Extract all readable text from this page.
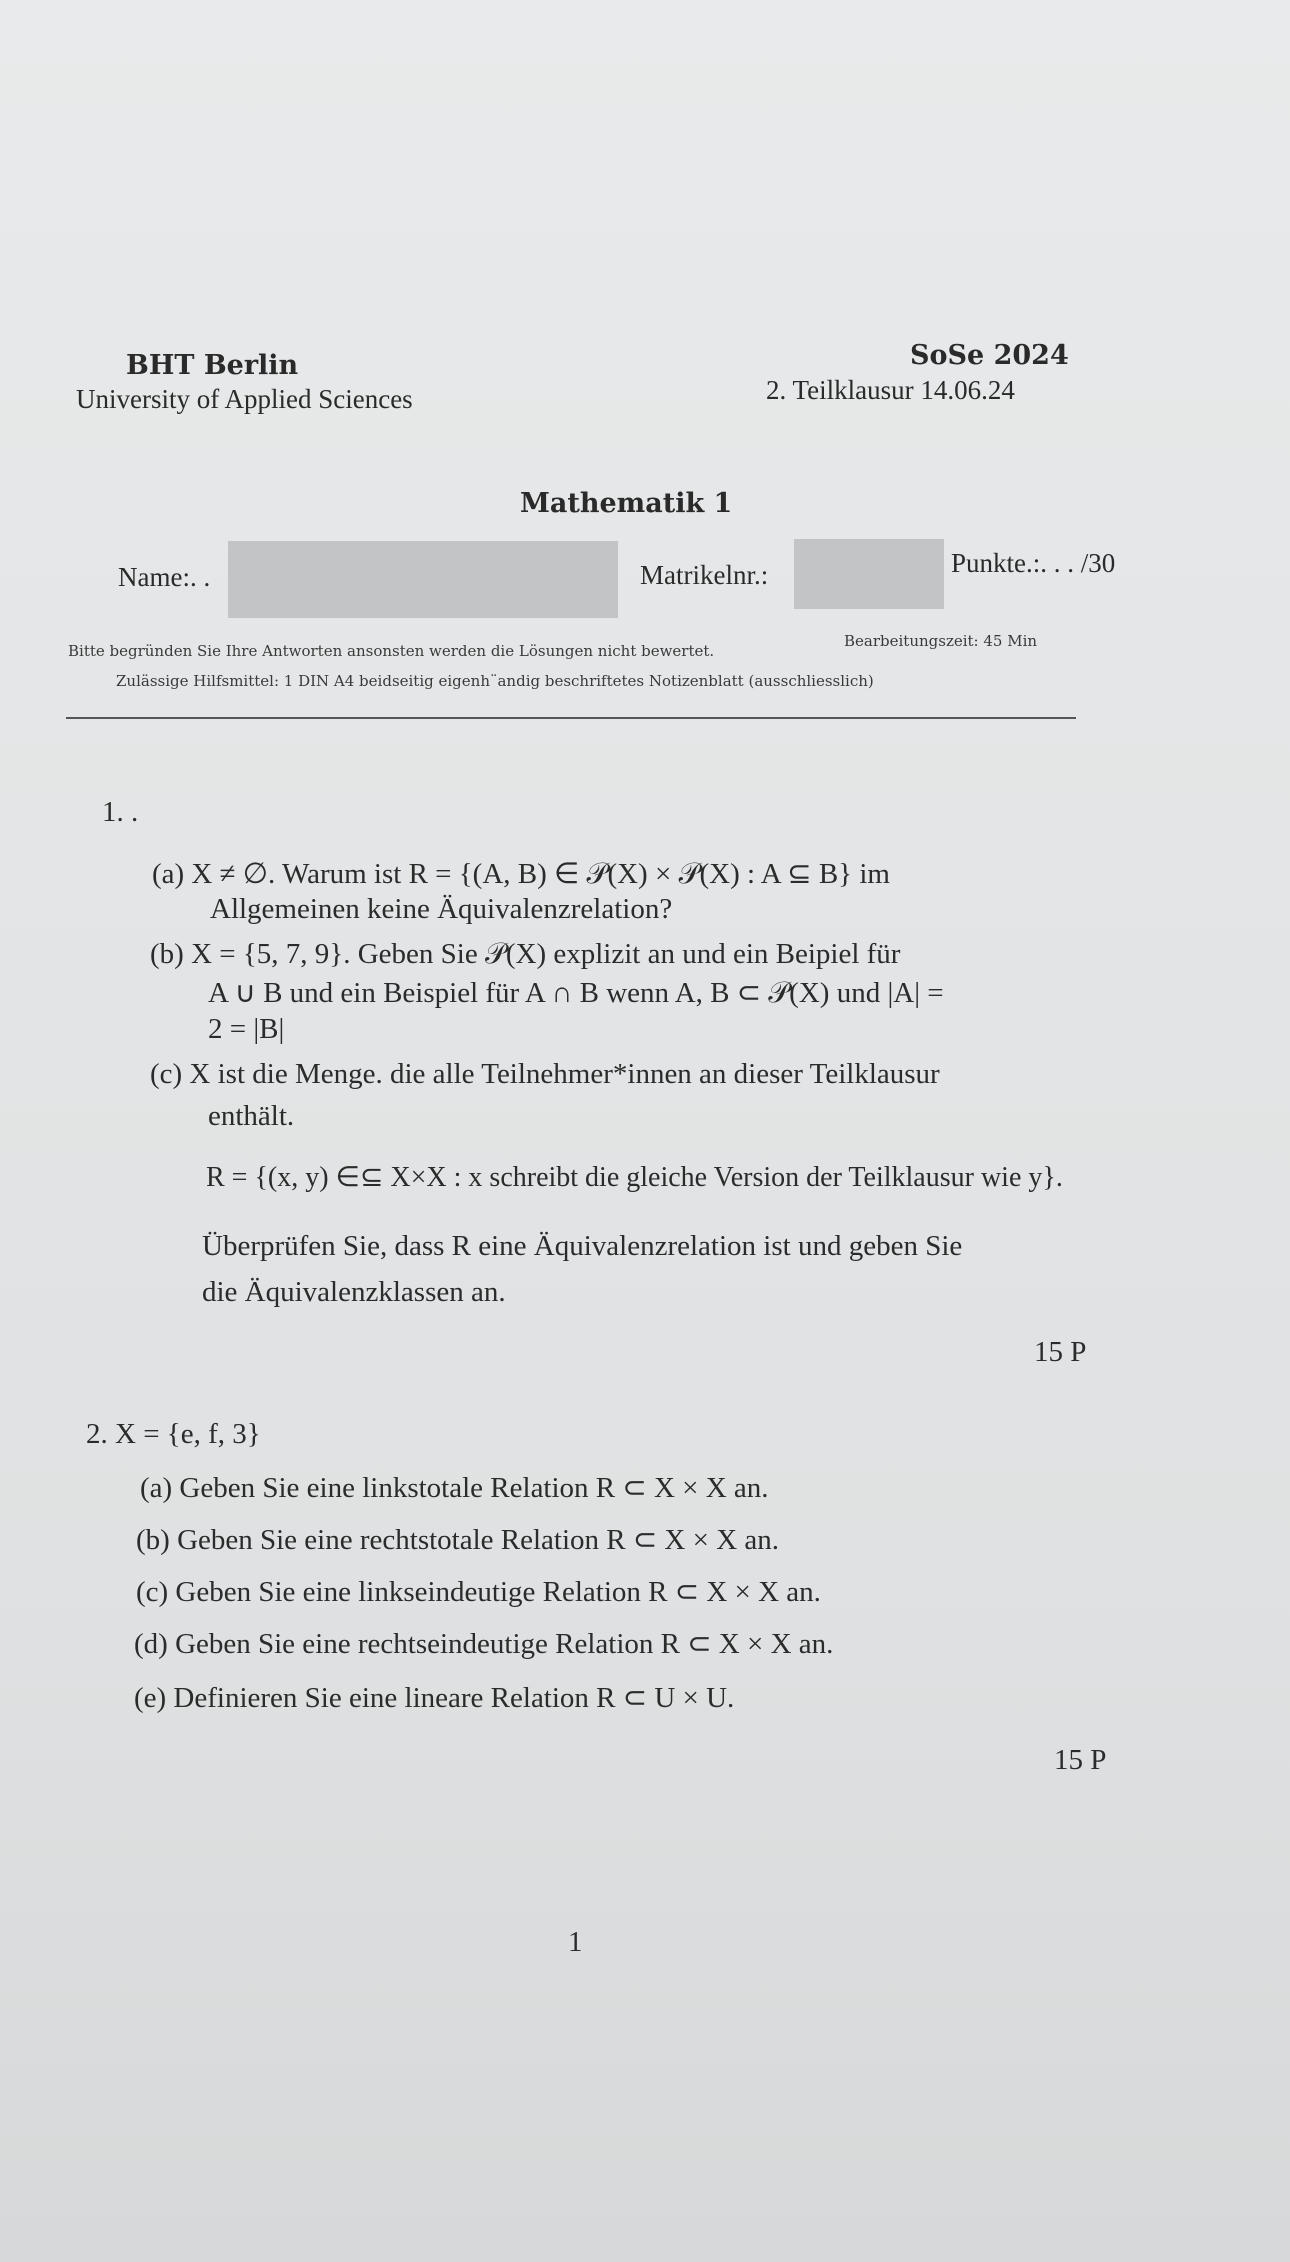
BHT Berlin
University of Applied Sciences
SoSe 2024
2. Teilklausur 14.06.24
Mathematik 1
Name:. .	Matrikelnr.:	Punkte.:. . . /30
Bitte begründen Sie Ihre Antworten ansonsten werden die Lösungen nicht bewertet.
Bearbeitungszeit: 45 Min
Zulässige Hilfsmittel: 1 DIN A4 beidseitig eigenh¨andig beschriftetes Notizenblatt (ausschliesslich)
1. .
(a) X ≠ ∅. Warum ist R = {(A, B) ∈ 𝒫(X) × 𝒫(X) : A ⊆ B} im
Allgemeinen keine Äquivalenzrelation?
(b) X = {5, 7, 9}. Geben Sie 𝒫(X) explizit an und ein Beipiel für
A ∪ B und ein Beispiel für A ∩ B wenn A, B ⊂ 𝒫(X) und |A| =
2 = |B|
(c) X ist die Menge. die alle Teilnehmer*innen an dieser Teilklausur
enthält.
R = {(x, y) ∈⊆ X×X : x schreibt die gleiche Version der Teilklausur wie y}.
Überprüfen Sie, dass R eine Äquivalenzrelation ist und geben Sie
die Äquivalenzklassen an.
15 P
2. X = {e, f, 3}
(a) Geben Sie eine linkstotale Relation R ⊂ X × X an.
(b) Geben Sie eine rechtstotale Relation R ⊂ X × X an.
(c) Geben Sie eine linkseindeutige Relation R ⊂ X × X an.
(d) Geben Sie eine rechtseindeutige Relation R ⊂ X × X an.
(e) Definieren Sie eine lineare Relation R ⊂ U × U.
15 P
1
